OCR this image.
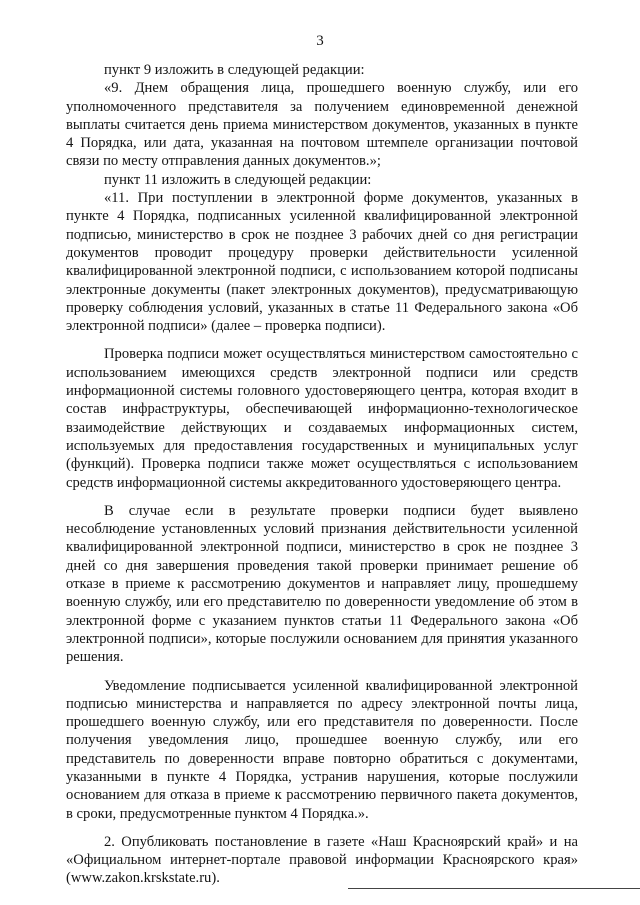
3

пункт 9 изложить в следующей редакции:

«9. Днем обращения лица, прошедшего военную службу, или его уполномоченного представителя за получением единовременной денежной выплаты считается день приема министерством документов, указанных в пункте 4 Порядка, или дата, указанная на почтовом штемпеле организации почтовой связи по месту отправления данных документов.»;

пункт 11 изложить в следующей редакции:

«11. При поступлении в электронной форме документов, указанных в пункте 4 Порядка, подписанных усиленной квалифицированной электронной подписью, министерство в срок не позднее 3 рабочих дней со дня регистрации документов проводит процедуру проверки действительности усиленной квалифицированной электронной подписи, с использованием которой подписаны электронные документы (пакет электронных документов), предусматривающую проверку соблюдения условий, указанных в статье 11 Федерального закона «Об электронной подписи» (далее – проверка подписи).

Проверка подписи может осуществляться министерством самостоятельно с использованием имеющихся средств электронной подписи или средств информационной системы головного удостоверяющего центра, которая входит в состав инфраструктуры, обеспечивающей информационно-технологическое взаимодействие действующих и создаваемых информационных систем, используемых для предоставления государственных и муниципальных услуг (функций). Проверка подписи также может осуществляться с использованием средств информационной системы аккредитованного удостоверяющего центра.

В случае если в результате проверки подписи будет выявлено несоблюдение установленных условий признания действительности усиленной квалифицированной электронной подписи, министерство в срок не позднее 3 дней со дня завершения проведения такой проверки принимает решение об отказе в приеме к рассмотрению документов и направляет лицу, прошедшему военную службу, или его представителю по доверенности уведомление об этом в электронной форме с указанием пунктов статьи 11 Федерального закона «Об электронной подписи», которые послужили основанием для принятия указанного решения.

Уведомление подписывается усиленной квалифицированной электронной подписью министерства и направляется по адресу электронной почты лица, прошедшего военную службу, или его представителя по доверенности. После получения уведомления лицо, прошедшее военную службу, или его представитель по доверенности вправе повторно обратиться с документами, указанными в пункте 4 Порядка, устранив нарушения, которые послужили основанием для отказа в приеме к рассмотрению первичного пакета документов, в сроки, предусмотренные пунктом 4 Порядка.».

2. Опубликовать постановление в газете «Наш Красноярский край» и на «Официальном интернет-портале правовой информации Красноярского края» (www.zakon.krskstate.ru).
